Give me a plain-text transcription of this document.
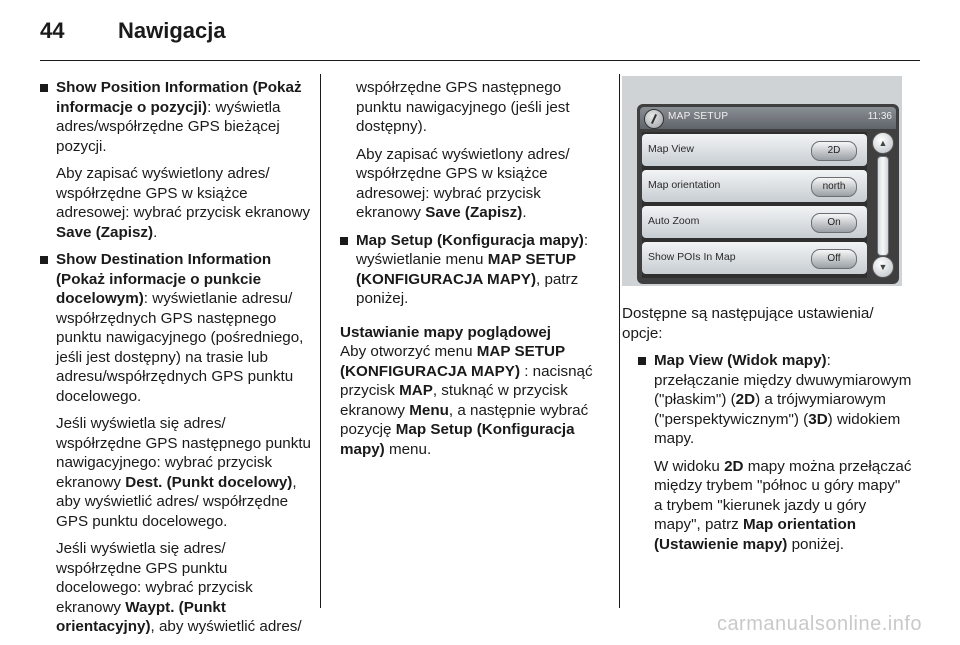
44	Nawigacja

Show Position Information (Pokaż informacje o pozycji): wyświetla adres/współrzędne GPS bieżącej pozycji.

Aby zapisać wyświetlony adres/ współrzędne GPS w książce adresowej: wybrać przycisk ekranowy Save (Zapisz).

Show Destination Information (Pokaż informacje o punkcie docelowym): wyświetlanie adresu/ współrzędnych GPS następnego punktu nawigacyjnego (pośredniego, jeśli jest dostępny) na trasie lub adresu/współrzędnych GPS punktu docelowego.

Jeśli wyświetla się adres/ współrzędne GPS następnego punktu nawigacyjnego: wybrać przycisk ekranowy Dest. (Punkt docelowy), aby wyświetlić adres/ współrzędne GPS punktu docelowego.

Jeśli wyświetla się adres/ współrzędne GPS punktu docelowego: wybrać przycisk ekranowy Waypt. (Punkt orientacyjny), aby wyświetlić adres/

współrzędne GPS następnego punktu nawigacyjnego (jeśli jest dostępny).

Aby zapisać wyświetlony adres/ współrzędne GPS w książce adresowej: wybrać przycisk ekranowy Save (Zapisz).

Map Setup (Konfiguracja mapy): wyświetlanie menu MAP SETUP (KONFIGURACJA MAPY), patrz poniżej.

Ustawianie mapy poglądowej

Aby otworzyć menu MAP SETUP (KONFIGURACJA MAPY) : nacisnąć przycisk MAP, stuknąć w przycisk ekranowy Menu, a następnie wybrać pozycję Map Setup (Konfiguracja mapy) menu.

MAP SETUP	11:36
Map View	2D
Map orientation	north
Auto Zoom	On
Show POIs In Map	Off
▲
▼

Dostępne są następujące ustawienia/ opcje:

Map View (Widok mapy): przełączanie między dwuwymiarowym ("płaskim") (2D) a trójwymiarowym ("perspektywicznym") (3D) widokiem mapy.

W widoku 2D mapy można przełączać między trybem "północ u góry mapy" a trybem "kierunek jazdy u góry mapy", patrz Map orientation (Ustawienie mapy) poniżej.

carmanualsonline.info
